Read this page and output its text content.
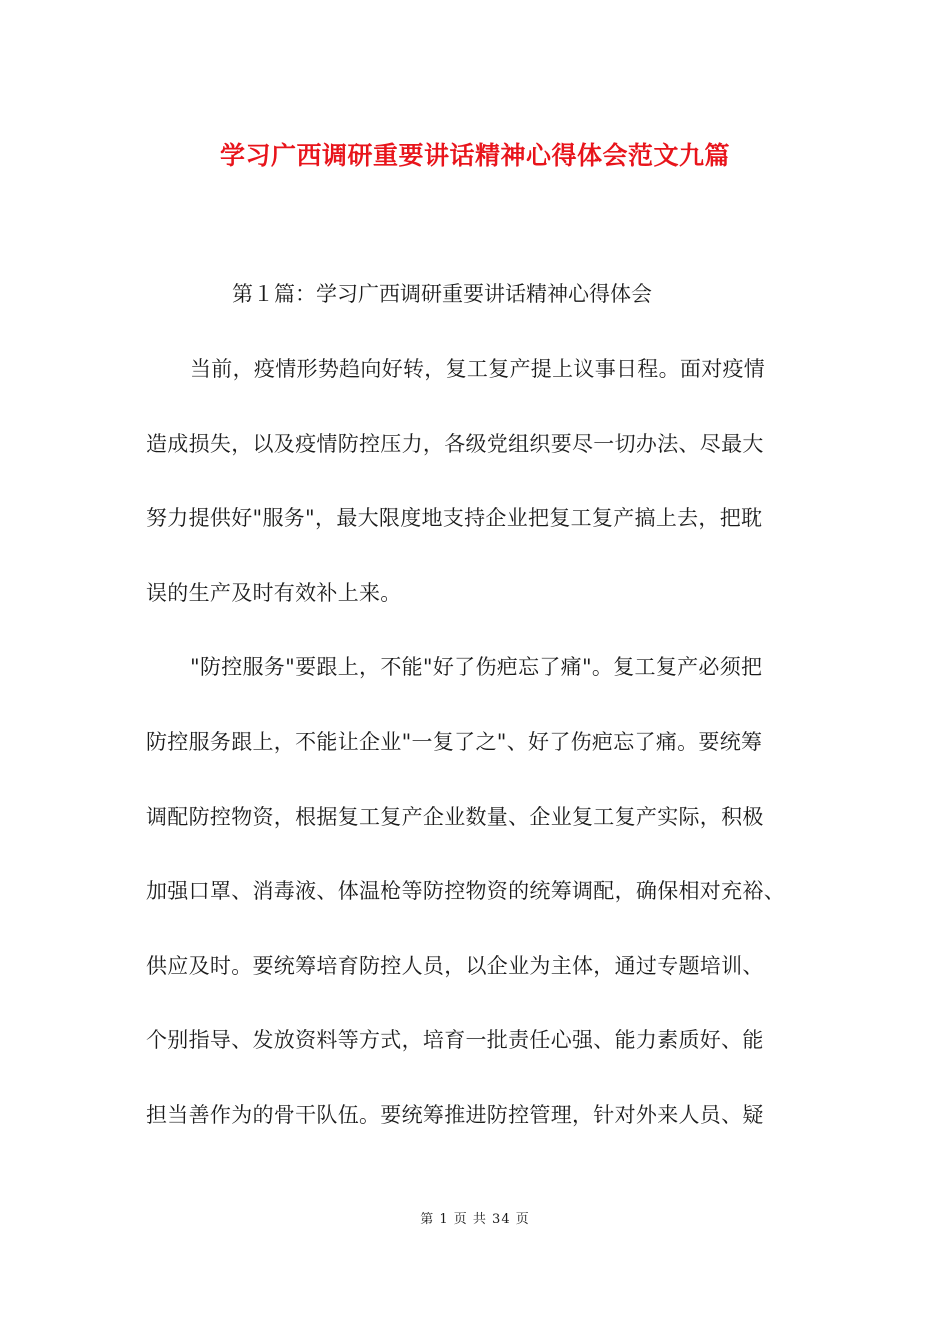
学习广西调研重要讲话精神心得体会范文九篇

第１篇：学习广西调研重要讲话精神心得体会

当前，疫情形势趋向好转，复工复产提上议事日程。面对疫情

造成损失，以及疫情防控压力，各级党组织要尽一切办法、尽最大

努力提供好"服务"，最大限度地支持企业把复工复产搞上去，把耽

误的生产及时有效补上来。

"防控服务"要跟上，不能"好了伤疤忘了痛"。复工复产必须把

防控服务跟上，不能让企业"一复了之"、好了伤疤忘了痛。要统筹

调配防控物资，根据复工复产企业数量、企业复工复产实际，积极

加强口罩、消毒液、体温枪等防控物资的统筹调配，确保相对充裕、

供应及时。要统筹培育防控人员，以企业为主体，通过专题培训、

个别指导、发放资料等方式，培育一批责任心强、能力素质好、能

担当善作为的骨干队伍。要统筹推进防控管理，针对外来人员、疑

第 1 页 共 34 页
